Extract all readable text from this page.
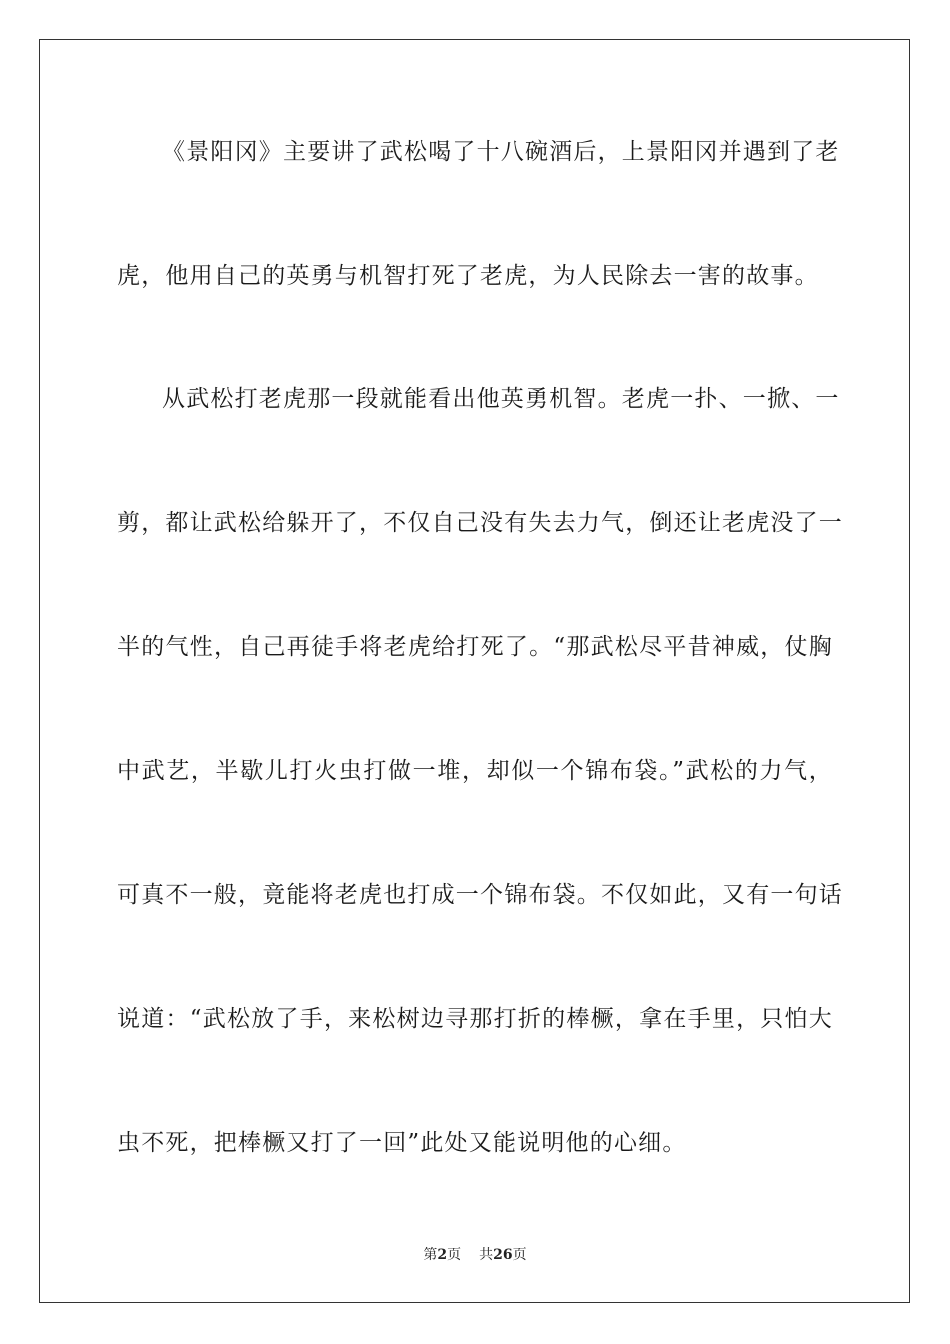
《景阳冈》主要讲了武松喝了十八碗酒后，上景阳冈并遇到了老
虎，他用自己的英勇与机智打死了老虎，为人民除去一害的故事。
从武松打老虎那一段就能看出他英勇机智。老虎一扑、一掀、一
剪，都让武松给躲开了，不仅自己没有失去力气，倒还让老虎没了一
半的气性，自己再徒手将老虎给打死了。“那武松尽平昔神威，仗胸
中武艺，半歇儿打火虫打做一堆，却似一个锦布袋。”武松的力气，
可真不一般，竟能将老虎也打成一个锦布袋。不仅如此，又有一句话
说道：“武松放了手，来松树边寻那打折的棒橛，拿在手里，只怕大
虫不死，把棒橛又打了一回”此处又能说明他的心细。
第2页 共26页
